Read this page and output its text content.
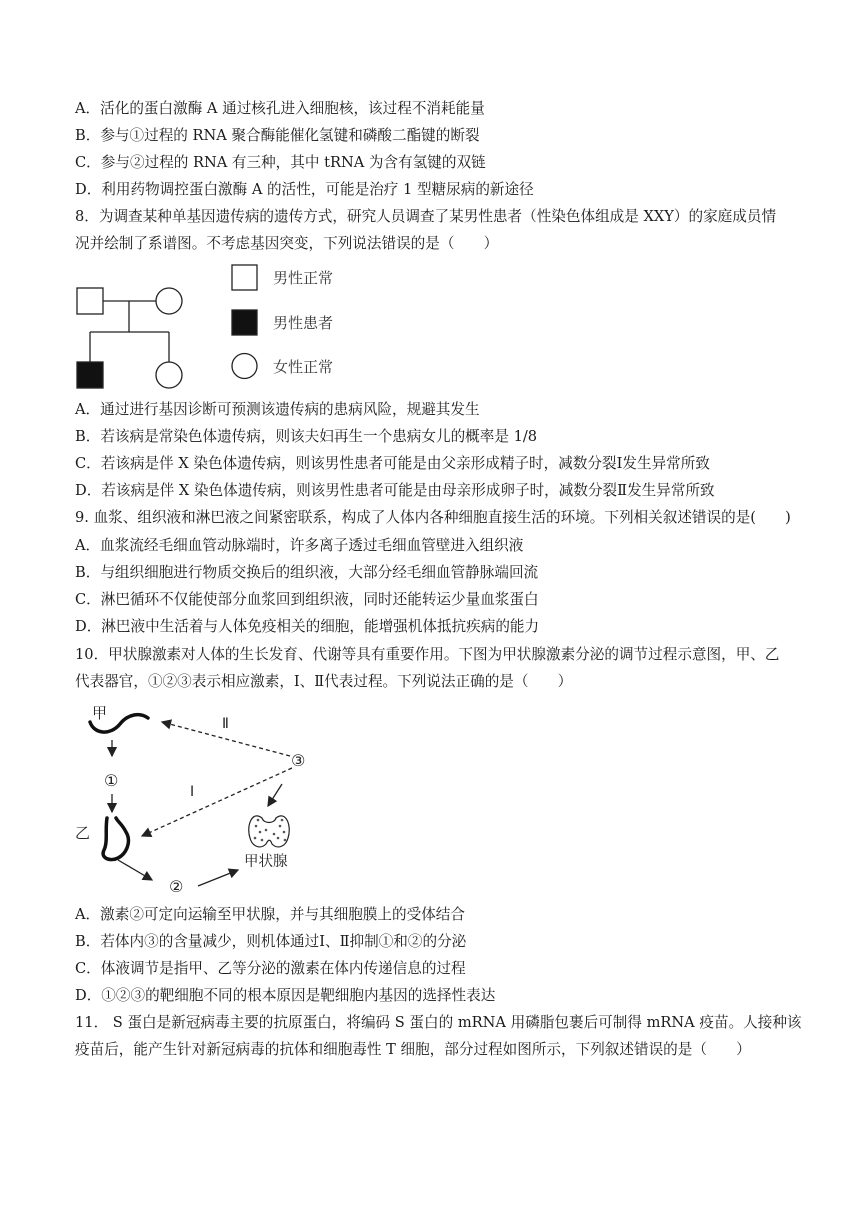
A．活化的蛋白激酶 A 通过核孔进入细胞核，该过程不消耗能量
B．参与①过程的 RNA 聚合酶能催化氢键和磷酸二酯键的断裂
C．参与②过程的 RNA 有三种，其中 tRNA 为含有氢键的双链
D．利用药物调控蛋白激酶 A 的活性，可能是治疗 1 型糖尿病的新途径
8．为调查某种单基因遗传病的遗传方式，研究人员调查了某男性患者（性染色体组成是 XXY）的家庭成员情
况并绘制了系谱图。不考虑基因突变，下列说法错误的是（　　）
男性正常
男性患者
女性正常
A．通过进行基因诊断可预测该遗传病的患病风险，规避其发生
B．若该病是常染色体遗传病，则该夫妇再生一个患病女儿的概率是 1/8
C．若该病是伴 X 染色体遗传病，则该男性患者可能是由父亲形成精子时，减数分裂Ⅰ发生异常所致
D．若该病是伴 X 染色体遗传病，则该男性患者可能是由母亲形成卵子时，减数分裂Ⅱ发生异常所致
9. 血浆、组织液和淋巴液之间紧密联系，构成了人体内各种细胞直接生活的环境。下列相关叙述错误的是(　　)
A．血浆流经毛细血管动脉端时，许多离子透过毛细血管壁进入组织液
B．与组织细胞进行物质交换后的组织液，大部分经毛细血管静脉端回流
C．淋巴循环不仅能使部分血浆回到组织液，同时还能转运少量血浆蛋白
D．淋巴液中生活着与人体免疫相关的细胞，能增强机体抵抗疾病的能力
10．甲状腺激素对人体的生长发育、代谢等具有重要作用。下图为甲状腺激素分泌的调节过程示意图，甲、乙
代表器官，①②③表示相应激素，Ⅰ、Ⅱ代表过程。下列说法正确的是（　　）
甲
①
乙
②
甲状腺
③
Ⅱ
Ⅰ
A．激素②可定向运输至甲状腺，并与其细胞膜上的受体结合
B．若体内③的含量减少，则机体通过Ⅰ、Ⅱ抑制①和②的分泌
C．体液调节是指甲、乙等分泌的激素在体内传递信息的过程
D．①②③的靶细胞不同的根本原因是靶细胞内基因的选择性表达
11． S 蛋白是新冠病毒主要的抗原蛋白，将编码 S 蛋白的 mRNA 用磷脂包裹后可制得 mRNA 疫苗。人接种该
疫苗后，能产生针对新冠病毒的抗体和细胞毒性 T 细胞，部分过程如图所示，下列叙述错误的是（　　）
